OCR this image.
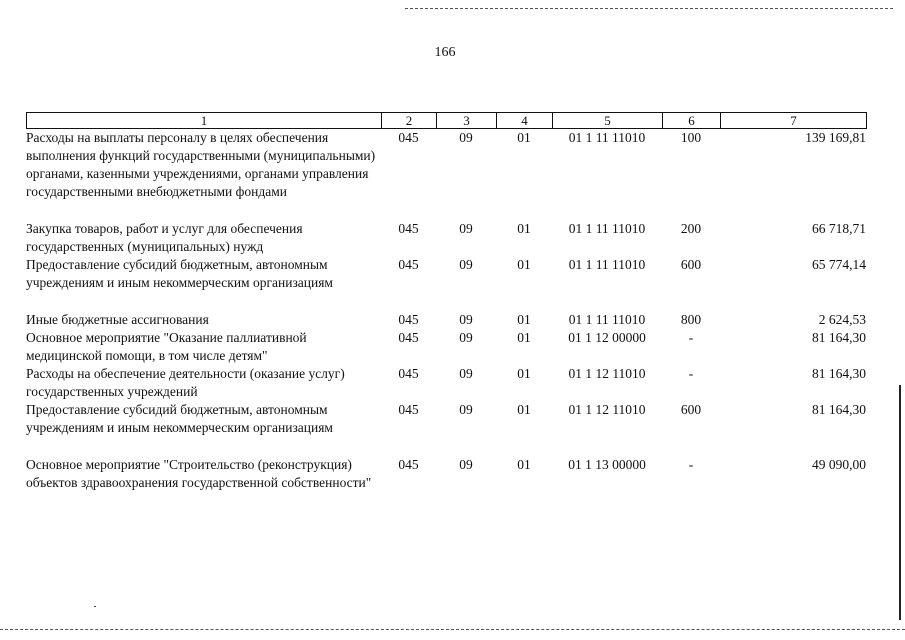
166
1	2	3	4	5	6	7
Расходы на выплаты персоналу в целях обеспечения выполнения функций государственными (муниципальными) органами, казенными учреждениями, органами управления государственными внебюджетными фондами	045	09	01	01 1 11 11010	100	139 169,81

Закупка товаров, работ и услуг для обеспечения государственных (муниципальных) нужд	045	09	01	01 1 11 11010	200	66 718,71
Предоставление субсидий бюджетным, автономным учреждениям и иным некоммерческим организациям	045	09	01	01 1 11 11010	600	65 774,14

Иные бюджетные ассигнования	045	09	01	01 1 11 11010	800	2 624,53
Основное мероприятие "Оказание паллиативной медицинской помощи, в том числе детям"	045	09	01	01 1 12 00000	-	81 164,30
Расходы на обеспечение деятельности (оказание услуг) государственных учреждений	045	09	01	01 1 12 11010	-	81 164,30
Предоставление субсидий бюджетным, автономным учреждениям и иным некоммерческим организациям	045	09	01	01 1 12 11010	600	81 164,30

Основное мероприятие "Строительство (реконструкция) объектов здравоохранения государственной собственности"	045	09	01	01 1 13 00000	-	49 090,00
